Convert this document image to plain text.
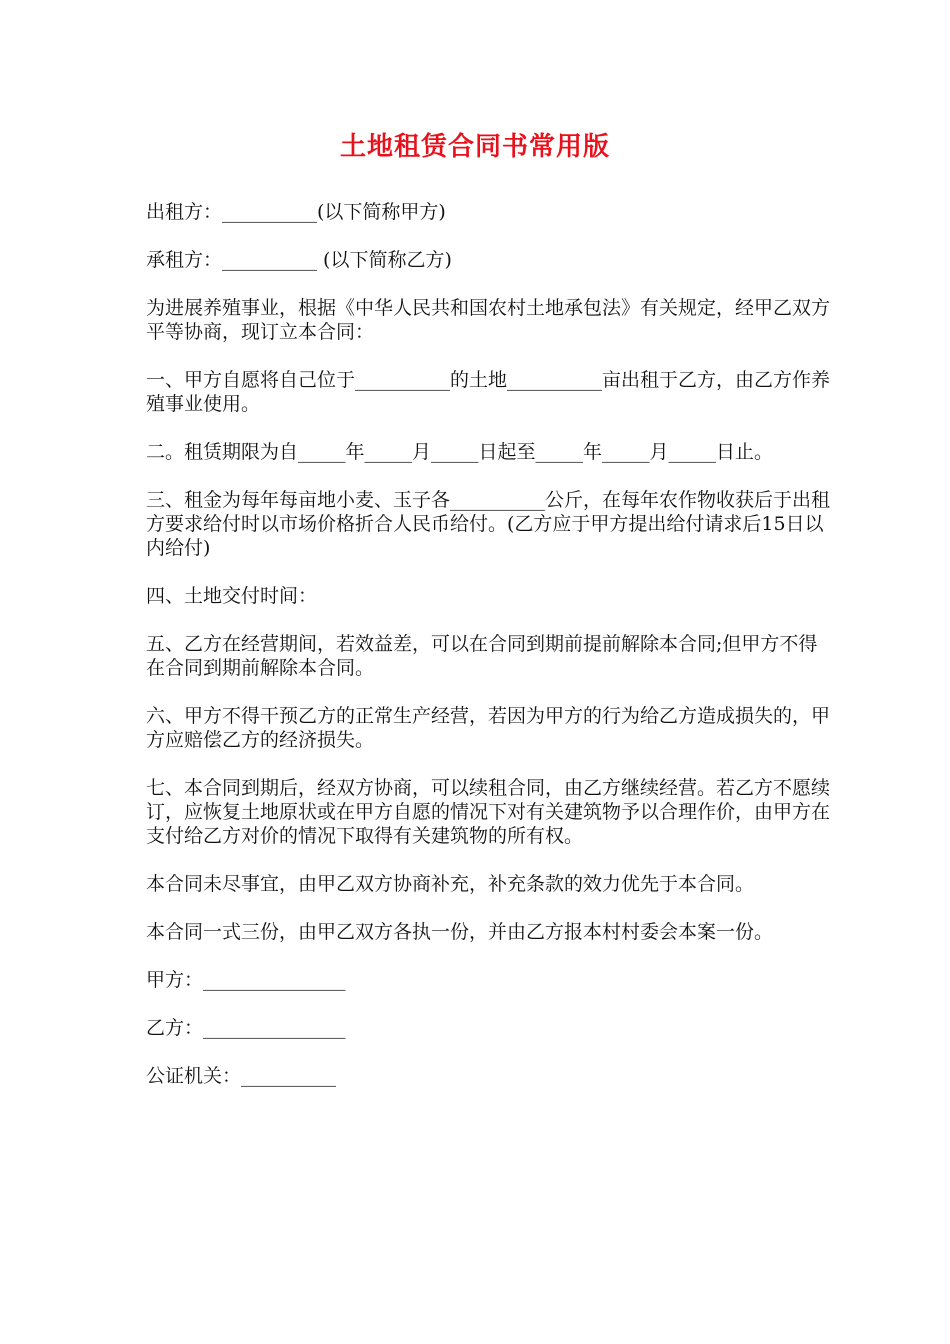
土地租赁合同书常用版

出租方：__________(以下简称甲方)

承租方：__________ (以下简称乙方)

为进展养殖事业，根据《中华人民共和国农村土地承包法》有关规定，经甲乙双方平等协商，现订立本合同：

一、甲方自愿将自己位于__________的土地__________亩出租于乙方，由乙方作养殖事业使用。

二。租赁期限为自_____年_____月_____日起至_____年_____月_____日止。

三、租金为每年每亩地小麦、玉子各__________公斤，在每年农作物收获后于出租方要求给付时以市场价格折合人民币给付。(乙方应于甲方提出给付请求后15日以内给付)

四、土地交付时间：

五、乙方在经营期间，若效益差，可以在合同到期前提前解除本合同;但甲方不得在合同到期前解除本合同。

六、甲方不得干预乙方的正常生产经营，若因为甲方的行为给乙方造成损失的，甲方应赔偿乙方的经济损失。

七、本合同到期后，经双方协商，可以续租合同，由乙方继续经营。若乙方不愿续订，应恢复土地原状或在甲方自愿的情况下对有关建筑物予以合理作价，由甲方在支付给乙方对价的情况下取得有关建筑物的所有权。

本合同未尽事宜，由甲乙双方协商补充，补充条款的效力优先于本合同。

本合同一式三份，由甲乙双方各执一份，并由乙方报本村村委会本案一份。

甲方：_______________

乙方：_______________

公证机关：__________
